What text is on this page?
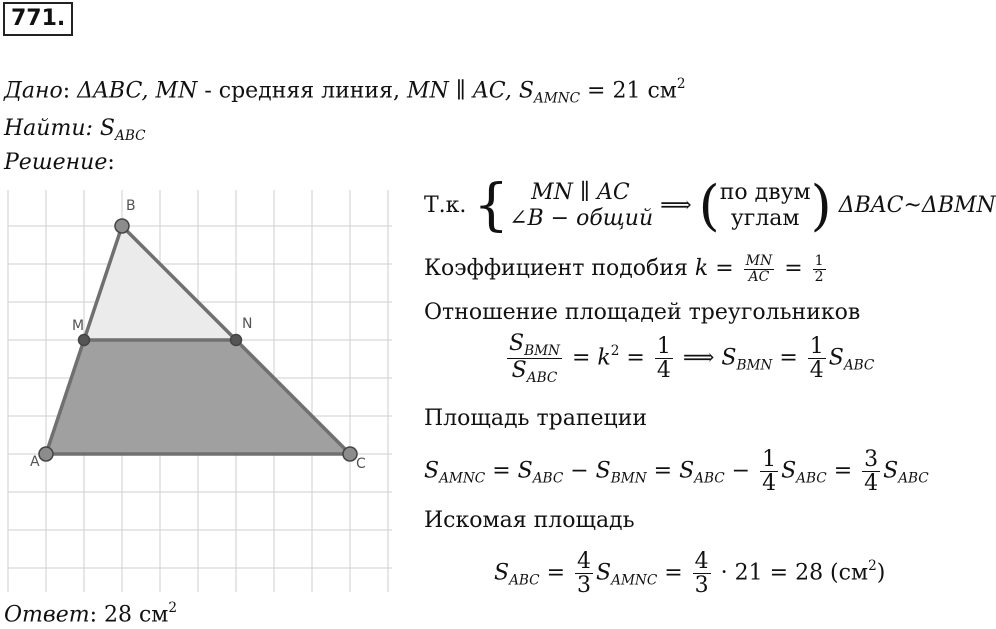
771.
Дано: ΔABC, MN - средняя линия, MN ∥ AC, $S_{AMNC} = 21$ $см^2$
Найти: $S_{ABC}$
Решение:
A
B
C
M	N
Т.к. {	MN ∥ AC
∠B − общий
⟹ ( по двум
углам ) ΔBAC~ΔBMN
Коэффициент подобия $k = \frac{MN}{AC} = \frac{1}{2}$
Отношение площадей треугольников
$\frac{S_{BMN}}{S_{ABC}} = k^2 = \frac{1}{4}$ ⟹ $S_{BMN} = \frac{1}{4} S_{ABC}$
Площадь трапеции
$S_{AMNC} = S_{ABC} - S_{BMN} = S_{ABC} - \frac{1}{4} S_{ABC} = \frac{3}{4} S_{ABC}$
Искомая площадь
$S_{ABC} = \frac{4}{3} S_{AMNC} = \frac{4}{3} \cdot 21 = 28$ $(см^2)$
Ответ: 28 $см^2$
